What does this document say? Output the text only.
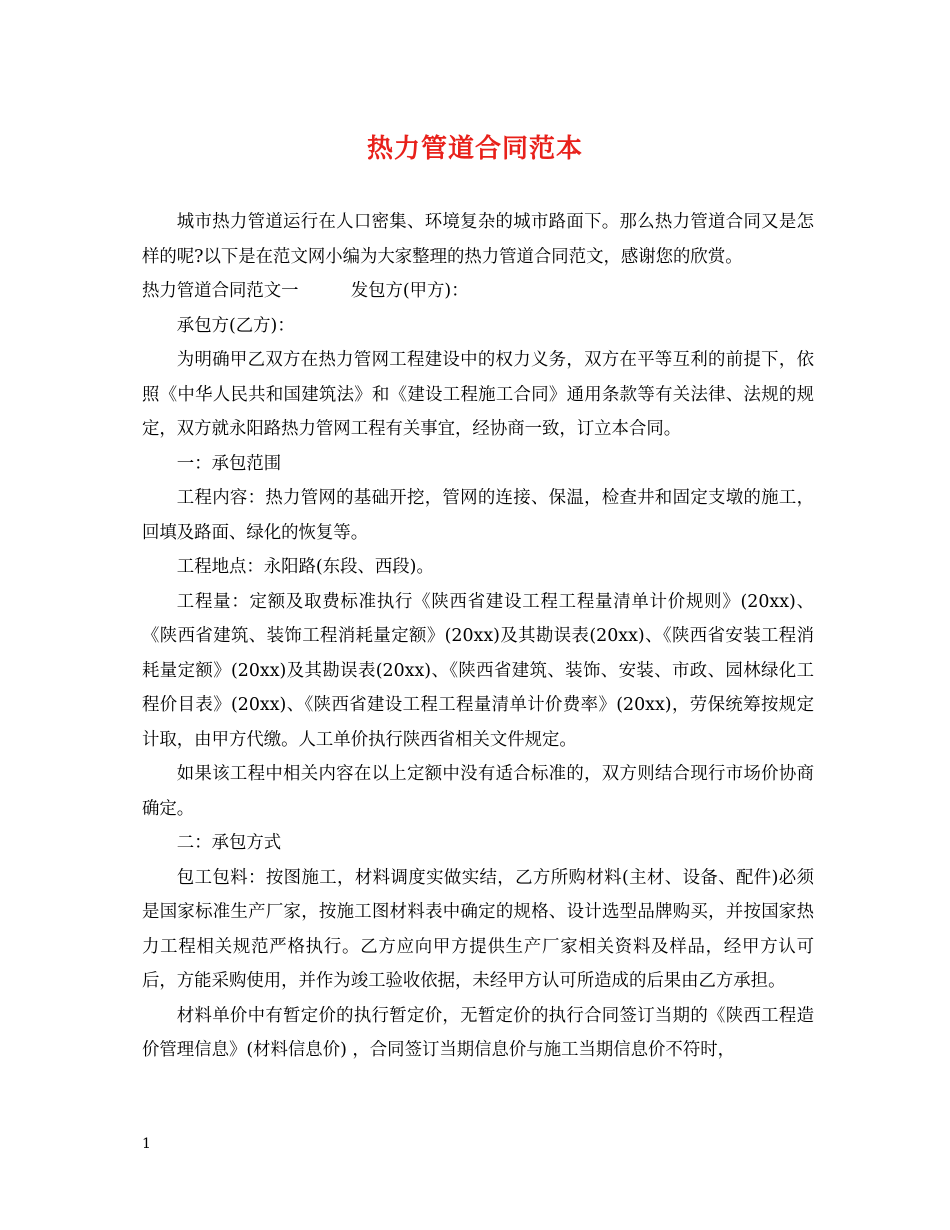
热力管道合同范本

城市热力管道运行在人口密集、环境复杂的城市路面下。那么热力管道合同又是怎样的呢?以下是在范文网小编为大家整理的热力管道合同范文，感谢您的欣赏。

热力管道合同范文一　　　发包方(甲方)：

承包方(乙方)：

为明确甲乙双方在热力管网工程建设中的权力义务，双方在平等互利的前提下，依照《中华人民共和国建筑法》和《建设工程施工合同》通用条款等有关法律、法规的规定，双方就永阳路热力管网工程有关事宜，经协商一致，订立本合同。

一：承包范围

工程内容：热力管网的基础开挖，管网的连接、保温，检查井和固定支墩的施工，回填及路面、绿化的恢复等。

工程地点：永阳路(东段、西段)。

工程量：定额及取费标准执行《陕西省建设工程工程量清单计价规则》(20xx)、《陕西省建筑、装饰工程消耗量定额》(20xx)及其勘误表(20xx)、《陕西省安装工程消耗量定额》(20xx)及其勘误表(20xx)、《陕西省建筑、装饰、安装、市政、园林绿化工程价目表》(20xx)、《陕西省建设工程工程量清单计价费率》(20xx)，劳保统筹按规定计取，由甲方代缴。人工单价执行陕西省相关文件规定。

如果该工程中相关内容在以上定额中没有适合标准的，双方则结合现行市场价协商确定。

二：承包方式

包工包料：按图施工，材料调度实做实结，乙方所购材料(主材、设备、配件)必须是国家标准生产厂家，按施工图材料表中确定的规格、设计选型品牌购买，并按国家热力工程相关规范严格执行。乙方应向甲方提供生产厂家相关资料及样品，经甲方认可后，方能采购使用，并作为竣工验收依据，未经甲方认可所造成的后果由乙方承担。

材料单价中有暂定价的执行暂定价，无暂定价的执行合同签订当期的《陕西工程造价管理信息》(材料信息价) ，合同签订当期信息价与施工当期信息价不符时，

1
